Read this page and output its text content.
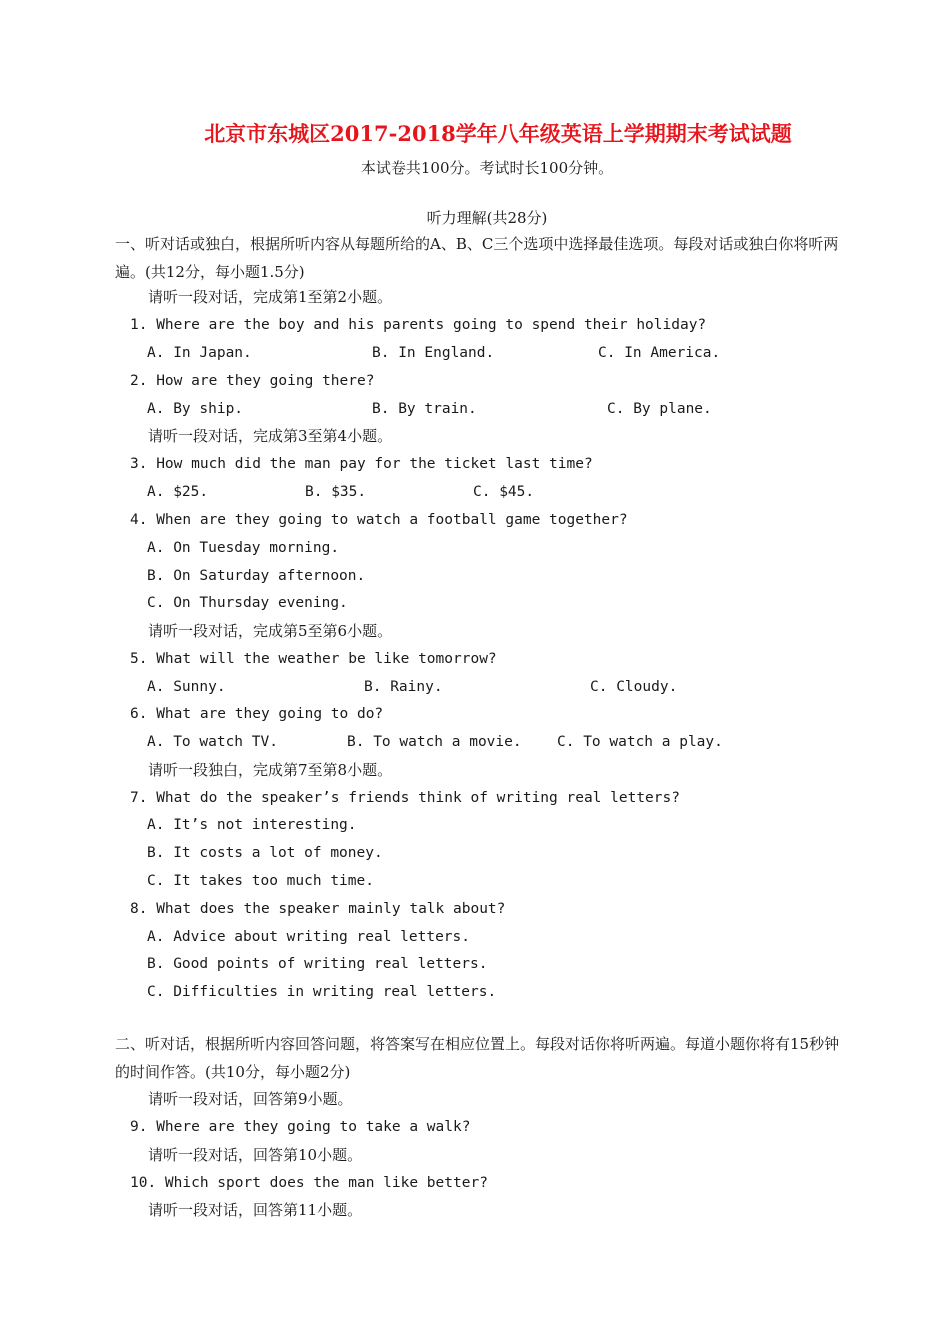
北京市东城区2017-2018学年八年级英语上学期期末考试试题
本试卷共100分。考试时长100分钟。
听力理解(共28分)
一、听对话或独白，根据所听内容从每题所给的A、B、C三个选项中选择最佳选项。每段对话或独白你将听两遍。(共12分，每小题1.5分)
请听一段对话，完成第1至第2小题。
1. Where are the boy and his parents going to spend their holiday?
A. In Japan.	B. In England.	C. In America.
2. How are they going there?
A. By ship.	B. By train.	C. By plane.
请听一段对话，完成第3至第4小题。
3. How much did the man pay for the ticket last time?
A. $25.	B. $35.	C. $45.
4. When are they going to watch a football game together?
A. On Tuesday morning.
B. On Saturday afternoon.
C. On Thursday evening.
请听一段对话，完成第5至第6小题。
5. What will the weather be like tomorrow?
A. Sunny.	B. Rainy.	C. Cloudy.
6. What are they going to do?
A. To watch TV.	B. To watch a movie. C. To watch a play.
请听一段独白，完成第7至第8小题。
7. What do the speaker’s friends think of writing real letters?
A. It’s not interesting.
B. It costs a lot of money.
C. It takes too much time.
8. What does the speaker mainly talk about?
A. Advice about writing real letters.
B. Good points of writing real letters.
C. Difficulties in writing real letters.
二、听对话，根据所听内容回答问题，将答案写在相应位置上。每段对话你将听两遍。每道小题你将有15秒钟的时间作答。(共10分，每小题2分)
请听一段对话，回答第9小题。
9. Where are they going to take a walk?
请听一段对话，回答第10小题。
10. Which sport does the man like better?
请听一段对话，回答第11小题。
